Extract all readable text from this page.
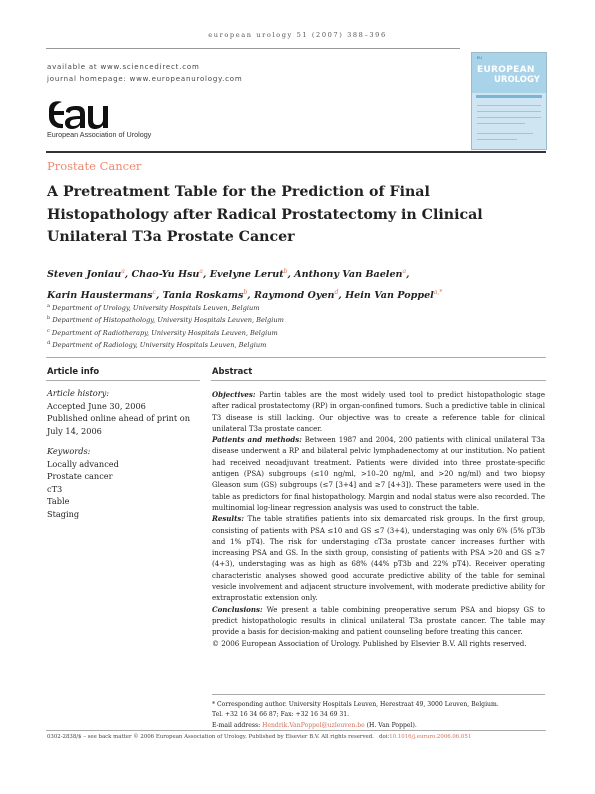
european urology 51 (2007) 388–396
available at www.sciencedirect.com
journal homepage: www.europeanurology.com
EU
EUROPEAN
UROLOGY
European Association of Urology
Prostate Cancer
A Pretreatment Table for the Prediction of Final Histopathology after Radical Prostatectomy in Clinical Unilateral T3a Prostate Cancer
Steven Joniau$^a$, Chao-Yu Hsu$^a$, Evelyne Lerut$^b$, Anthony Van Baelen$^a$,
Karin Haustermans$^c$, Tania Roskams$^b$, Raymond Oyen$^d$, Hein Van Poppel$^{a,*}$
$^a$ Department of Urology, University Hospitals Leuven, Belgium
$^b$ Department of Histopathology, University Hospitals Leuven, Belgium
$^c$ Department of Radiotherapy, University Hospitals Leuven, Belgium
$^d$ Department of Radiology, University Hospitals Leuven, Belgium
Article info	Abstract
Article history:
Accepted June 30, 2006
Published online ahead of print on July 14, 2006
Keywords:
Locally advanced
Prostate cancer
cT3
Table
Staging

Objectives: Partin tables are the most widely used tool to predict histopathologic stage after radical prostatectomy (RP) in organ-confined tumors. Such a predictive table in clinical T3 disease is still lacking. Our objective was to create a reference table for clinical unilateral T3a prostate cancer.

Patients and methods: Between 1987 and 2004, 200 patients with clinical unilateral T3a disease underwent a RP and bilateral pelvic lymphadenectomy at our institution. No patient had received neoadjuvant treatment. Patients were divided into three prostate-specific antigen (PSA) subgroups (≤10 ng/ml, >10–20 ng/ml, and >20 ng/ml) and two biopsy Gleason sum (GS) subgroups (≤7 [3+4] and ≥7 [4+3]). These parameters were used in the table as predictors for final histopathology. Margin and nodal status were also recorded. The multinomial log-linear regression analysis was used to construct the table.

Results: The table stratifies patients into six demarcated risk groups. In the first group, consisting of patients with PSA ≤10 and GS ≤7 (3+4), understaging was only 6% (5% pT3b and 1% pT4). The risk for understaging cT3a prostate cancer increases further with increasing PSA and GS. In the sixth group, consisting of patients with PSA >20 and GS ≥7 (4+3), understaging was as high as 68% (44% pT3b and 22% pT4). Receiver operating characteristic analyses showed good accurate predictive ability of the table for seminal vesicle involvement and adjacent structure involvement, with moderate predictive ability for extraprostatic extension only.

Conclusions: We present a table combining preoperative serum PSA and biopsy GS to predict histopathologic results in clinical unilateral T3a prostate cancer. The table may provide a basis for decision-making and patient counseling before treating this cancer.

© 2006 European Association of Urology. Published by Elsevier B.V. All rights reserved.

* Corresponding author. University Hospitals Leuven, Herestraat 49, 3000 Leuven, Belgium.
Tel. +32 16 34 66 87; Fax: +32 16 34 69 31.
E-mail address: Hendrik.VanPoppel@uzleuven.be (H. Van Poppel).
0302-2838/$ – see back matter © 2006 European Association of Urology. Published by Elsevier B.V. All rights reserved. doi:10.1016/j.eururo.2006.06.051
